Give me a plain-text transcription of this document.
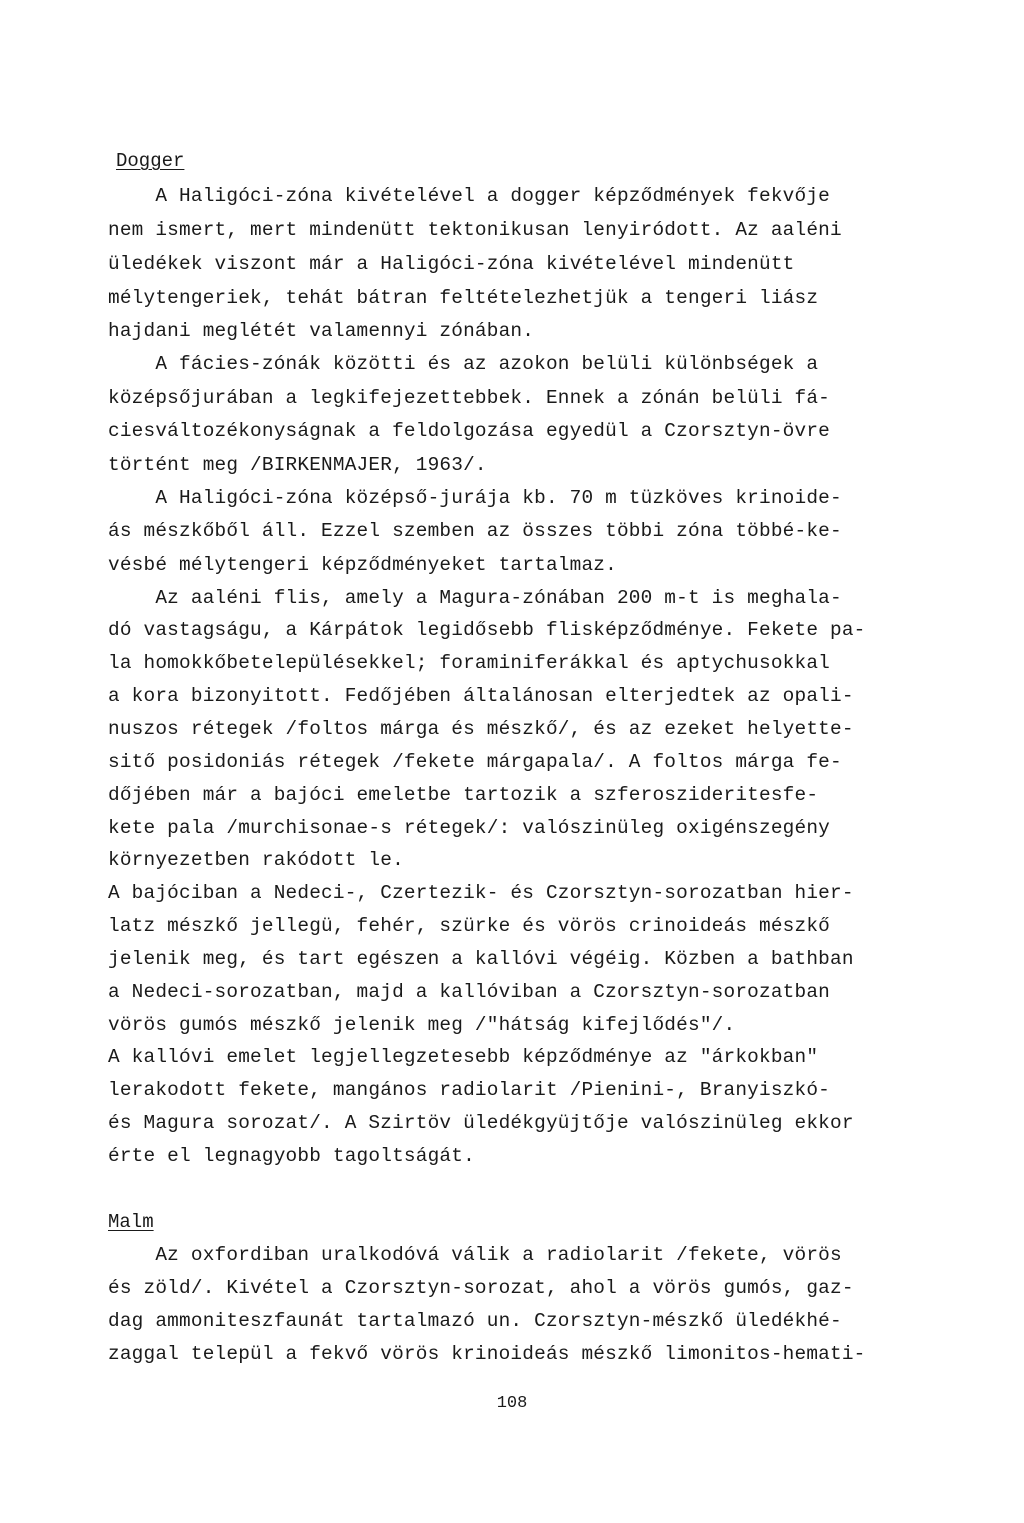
Dogger
A Haligóci-zóna kivételével a dogger képződmények fekvője
nem ismert, mert mindenütt tektonikusan lenyiródott. Az aaléni
üledékek viszont már a Haligóci-zóna kivételével mindenütt
mélytengeriek, tehát bátran feltételezhetjük a tengeri liász
hajdani meglétét valamennyi zónában.
A fácies-zónák közötti és az azokon belüli különbségek a
középsőjurában a legkifejezettebbek. Ennek a zónán belüli fá-
ciesváltozékonyságnak a feldolgozása egyedül a Czorsztyn-övre
történt meg /BIRKENMAJER, 1963/.
A Haligóci-zóna középső-jurája kb. 70 m tüzköves krinoide-
ás mészkőből áll. Ezzel szemben az összes többi zóna többé-ke-
vésbé mélytengeri képződményeket tartalmaz.
Az aaléni flis, amely a Magura-zónában 200 m-t is meghala-
dó vastagságu, a Kárpátok legidősebb flisképződménye. Fekete pa-
la homokkőbetelepülésekkel; foraminiferákkal és aptychusokkal
a kora bizonyitott. Fedőjében általánosan elterjedtek az opali-
nuszos rétegek /foltos márga és mészkő/, és az ezeket helyette-
sitő posidoniás rétegek /fekete márgapala/. A foltos márga fe-
dőjében már a bajóci emeletbe tartozik a szferoszideritesfe-
kete pala /murchisonae-s rétegek/: valószinüleg oxigénszegény
környezetben rakódott le.
A bajóciban a Nedeci-, Czertezik- és Czorsztyn-sorozatban hier-
latz mészkő jellegü, fehér, szürke és vörös crinoideás mészkő
jelenik meg, és tart egészen a kallóvi végéig. Közben a bathban
a Nedeci-sorozatban, majd a kallóviban a Czorsztyn-sorozatban
vörös gumós mészkő jelenik meg /"hátság kifejlődés"/.
A kallóvi emelet legjellegzetesebb képződménye az "árkokban"
lerakodott fekete, mangános radiolarit /Pienini-, Branyiszkó-
és Magura sorozat/. A Szirtöv üledékgyüjtője valószinüleg ekkor
érte el legnagyobb tagoltságát.
Malm
Az oxfordiban uralkodóvá válik a radiolarit /fekete, vörös
és zöld/. Kivétel a Czorsztyn-sorozat, ahol a vörös gumós, gaz-
dag ammoniteszfaunát tartalmazó un. Czorsztyn-mészkő üledékhé-
zaggal települ a fekvő vörös krinoideás mészkő limonitos-hemati-
108
